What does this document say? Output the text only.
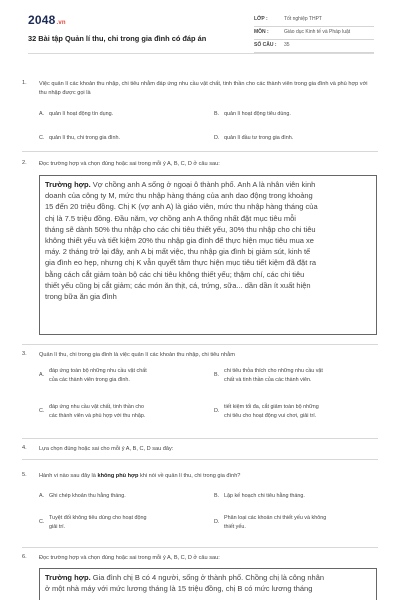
2048.vn
32 Bài tập Quản lí thu, chi trong gia đình có đáp án
LỚP :	Tốt nghiệp THPT
MÔN :	Giáo dục Kinh tế và Pháp luật
SỐ CÂU : 35
1. Việc quản lí các khoản thu nhập, chi tiêu nhằm đáp ứng nhu cầu vật chất, tinh thần cho các thành viên trong gia đình và phù hợp với thu nhập được gọi là
A. quản lí hoạt động tín dụng.	B. quản lí hoạt động tiêu dùng.
C. quản lí thu, chi trong gia đình.	D. quản lí đầu tư trong gia đình.
2. Đọc trường hợp và chọn đúng hoặc sai trong mỗi ý A, B, C, D ở câu sau:
Trường hợp. Vợ chồng anh A sống ở ngoại ô thành phố. Anh A là nhân viên kinh
doanh của công ty M, mức thu nhập hàng tháng của anh dao động trong khoảng
15 đến 20 triệu đồng. Chị K (vợ anh A) là giáo viên, mức thu nhập hàng tháng của
chị là 7.5 triệu đồng. Đầu năm, vợ chồng anh A thống nhất đặt mục tiêu mỗi
tháng sẽ dành 50% thu nhập cho các chi tiêu thiết yếu, 30% thu nhập cho chi tiêu
không thiết yếu và tiết kiệm 20% thu nhập gia đình để thực hiện mục tiêu mua xe
máy. 2 tháng trở lại đây, anh A bị mất việc, thu nhập gia đình bị giảm sút, kinh tế
gia đình eo hẹp, nhưng chị K vẫn quyết tâm thực hiện mục tiêu tiết kiệm đã đặt ra
bằng cách cắt giảm toàn bộ các chi tiêu không thiết yếu; thậm chí, các chi tiêu
thiết yếu cũng bị cắt giảm; các món ăn thịt, cá, trứng, sữa... dần dần ít xuất hiện
trong bữa ăn gia đình
3. Quản lí thu, chi trong gia đình là việc quản lí các khoản thu nhập, chi tiêu nhằm
A.
đáp ứng toàn bộ những nhu cầu vật chất
của các thành viên trong gia đình.
B.
chi tiêu thỏa thích cho những nhu cầu vật
chất và tinh thần của các thành viên.
C.
đáp ứng nhu cầu vật chất, tinh thần cho
các thành viên và phù hợp với thu nhập.
D.
tiết kiệm tối đa, cắt giảm toàn bộ những
chi tiêu cho hoạt động vui chơi, giải trí.
4. Lựa chọn đúng hoặc sai cho mỗi ý A, B, C, D sau đây:
5. Hành vi nào sau đây là không phù hợp khi nói về quản lí thu, chi trong gia đình?
A. Ghi chép khoản thu hằng tháng.	B. Lập kế hoạch chi tiêu hằng tháng.
C.
Tuyệt đối không tiêu dùng cho hoạt động
giải trí.
D.
Phân loại các khoản chi thiết yếu và không
thiết yếu.
6. Đọc trường hợp và chọn đúng hoặc sai trong mỗi ý A, B, C, D ở câu sau:
Trường hợp. Gia đình chị B có 4 người, sống ở thành phố. Chồng chị là công nhân
ở một nhà máy với mức lương tháng là 15 triệu đồng, chị B có mức lương tháng
